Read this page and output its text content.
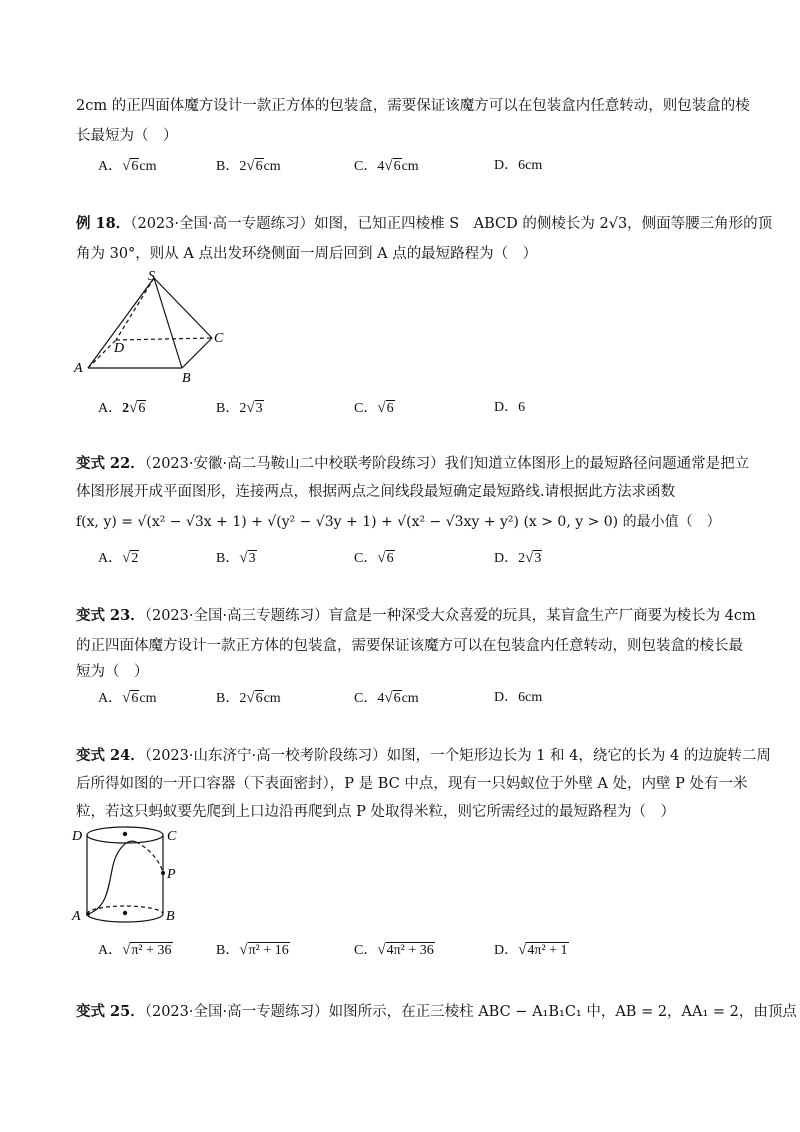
2cm 的正四面体魔方设计一款正方体的包装盒，需要保证该魔方可以在包装盒内任意转动，则包装盒的棱
长最短为（　）
A．√6cm	B．2√6cm	C．4√6cm	D．6cm
例 18．（2023·全国·高一专题练习）如图，已知正四棱椎 S　ABCD 的侧棱长为 2√3，侧面等腰三角形的顶
角为 30°，则从 A 点出发环绕侧面一周后回到 A 点的最短路程为（　）
S
A
B
C
D
A．2√6	B．2√3	C．√6	D．6
变式 22．（2023·安徽·高二马鞍山二中校联考阶段练习）我们知道立体图形上的最短路径问题通常是把立
体图形展开成平面图形，连接两点，根据两点之间线段最短确定最短路线.请根据此方法求函数
f(x, y) = √(x² − √3x + 1) + √(y² − √3y + 1) + √(x² − √3xy + y²) (x > 0, y > 0) 的最小值（　）
A．√2	B．√3	C．√6	D．2√3
变式 23．（2023·全国·高三专题练习）盲盒是一种深受大众喜爱的玩具，某盲盒生产厂商要为棱长为 4cm
的正四面体魔方设计一款正方体的包装盒，需要保证该魔方可以在包装盒内任意转动，则包装盒的棱长最
短为（　）
A．√6cm	B．2√6cm	C．4√6cm	D．6cm
变式 24．（2023·山东济宁·高一校考阶段练习）如图，一个矩形边长为 1 和 4，绕它的长为 4 的边旋转二周
后所得如图的一开口容器（下表面密封），P 是 BC 中点，现有一只妈蚁位于外壁 A 处，内壁 P 处有一米
粒，若这只蚂蚁要先爬到上口边沿再爬到点 P 处取得米粒，则它所需经过的最短路程为（　）
D	C
P
A	B
A．√π² + 36	B．√π² + 16	C．√4π² + 36	D．√4π² + 1
变式 25．（2023·全国·高一专题练习）如图所示，在正三棱柱 ABC − A₁B₁C₁ 中，AB = 2，AA₁ = 2，由顶点
